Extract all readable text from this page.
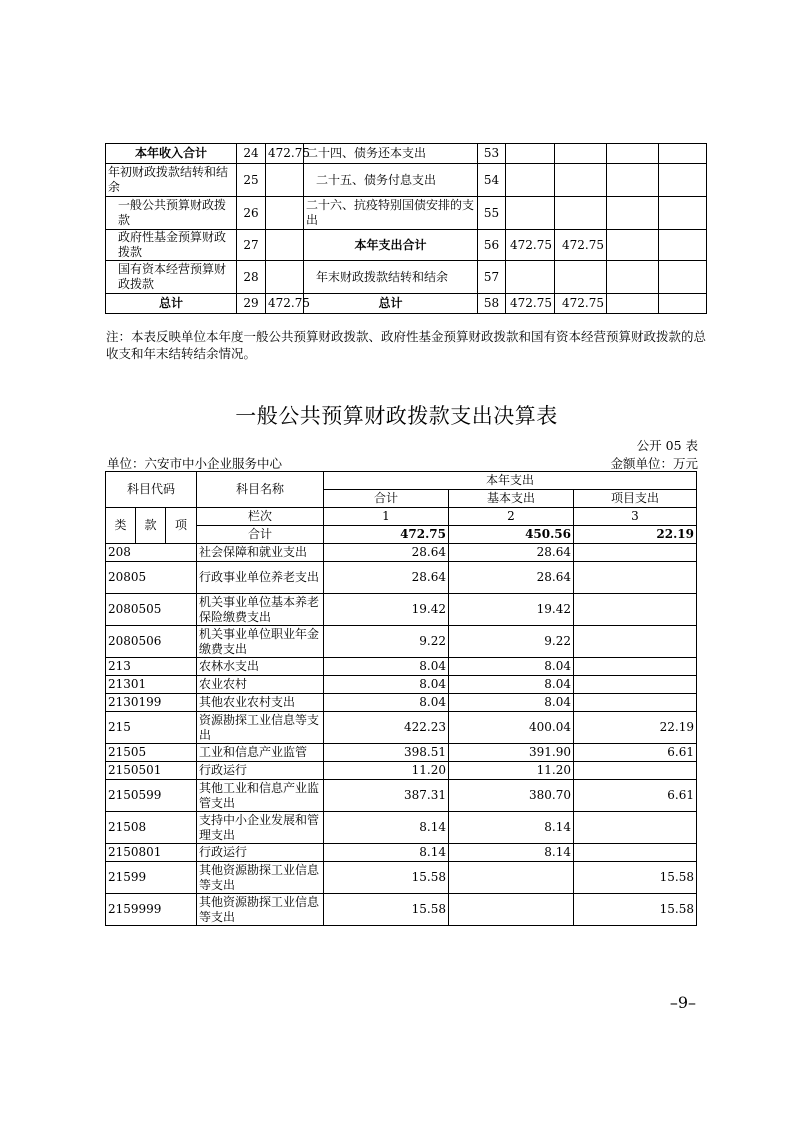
本年收入合计	24	472.75	二十四、债务还本支出	53				
年初财政拨款结转和结余	25		二十五、债务付息支出	54				
一般公共预算财政拨款	26		二十六、抗疫特别国债安排的支出	55				
政府性基金预算财政拨款	27		本年支出合计	56	472.75	472.75		
国有资本经营预算财政拨款	28		年末财政拨款结转和结余	57				
总计	29	472.75	总计	58	472.75	472.75		
注：本表反映单位本年度一般公共预算财政拨款、政府性基金预算财政拨款和国有资本经营预算财政拨款的总收支和年末结转结余情况。
一般公共预算财政拨款支出决算表
公开 05 表
单位：六安市中小企业服务中心	金额单位：万元
科目代码			科目名称	本年支出		
				合计	基本支出	项目支出
类	款	项	栏次	1	2	3
			合计	472.75	450.56	22.19
208			社会保障和就业支出	28.64	28.64	
20805			行政事业单位养老支出	28.64	28.64	
2080505			机关事业单位基本养老保险缴费支出	19.42	19.42	
2080506			机关事业单位职业年金缴费支出	9.22	9.22	
213			农林水支出	8.04	8.04	
21301			农业农村	8.04	8.04	
2130199			其他农业农村支出	8.04	8.04	
215			资源勘探工业信息等支出	422.23	400.04	22.19
21505			工业和信息产业监管	398.51	391.90	6.61
2150501			行政运行	11.20	11.20	
2150599			其他工业和信息产业监管支出	387.31	380.70	6.61
21508			支持中小企业发展和管理支出	8.14	8.14	
2150801			行政运行	8.14	8.14	
21599			其他资源勘探工业信息等支出	15.58		15.58
2159999			其他资源勘探工业信息等支出	15.58		15.58
–9–
